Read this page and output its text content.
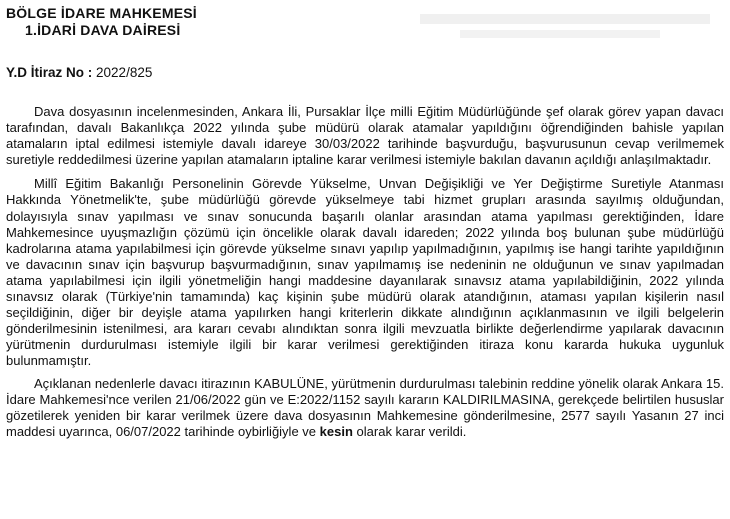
BÖLGE İDARE MAHKEMESİ
1.İDARİ DAVA DAİRESİ
Y.D İtiraz No : 2022/825

Dava dosyasının incelenmesinden, Ankara İli, Pursaklar İlçe milli Eğitim Müdürlüğünde şef olarak görev yapan davacı tarafından, davalı Bakanlıkça 2022 yılında şube müdürü olarak atamalar yapıldığını öğrendiğinden bahisle yapılan atamaların iptal edilmesi istemiyle davalı idareye 30/03/2022 tarihinde başvurduğu, başvurusunun cevap verilmemek suretiyle reddedilmesi üzerine yapılan atamaların iptaline karar verilmesi istemiyle bakılan davanın açıldığı anlaşılmaktadır.

Millî Eğitim Bakanlığı Personelinin Görevde Yükselme, Unvan Değişikliği ve Yer Değiştirme Suretiyle Atanması Hakkında Yönetmelik'te, şube müdürlüğü görevde yükselmeye tabi hizmet grupları arasında sayılmış olduğundan, dolayısıyla sınav yapılması ve sınav sonucunda başarılı olanlar arasından atama yapılması gerektiğinden, İdare Mahkemesince uyuşmazlığın çözümü için öncelikle olarak davalı idareden; 2022 yılında boş bulunan şube müdürlüğü kadrolarına atama yapılabilmesi için görevde yükselme sınavı yapılıp yapılmadığının, yapılmış ise hangi tarihte yapıldığının ve davacının sınav için başvurup başvurmadığının, sınav yapılmamış ise nedeninin ne olduğunun ve sınav yapılmadan atama yapılabilmesi için ilgili yönetmeliğin hangi maddesine dayanılarak sınavsız atama yapılabildiğinin, 2022 yılında sınavsız olarak (Türkiye'nin tamamında) kaç kişinin şube müdürü olarak atandığının, ataması yapılan kişilerin nasıl seçildiğinin, diğer bir deyişle atama yapılırken hangi kriterlerin dikkate alındığının açıklanmasının ve ilgili belgelerin gönderilmesinin istenilmesi, ara kararı cevabı alındıktan sonra ilgili mevzuatla birlikte değerlendirme yapılarak davacının yürütmenin durdurulması istemiyle ilgili bir karar verilmesi gerektiğinden itiraza konu kararda hukuka uygunluk bulunmamıştır.

Açıklanan nedenlerle davacı itirazının KABULÜNE, yürütmenin durdurulması talebinin reddine yönelik olarak Ankara 15. İdare Mahkemesi'nce verilen 21/06/2022 gün ve E:2022/1152 sayılı kararın KALDIRILMASINA, gerekçede belirtilen hususlar gözetilerek yeniden bir karar verilmek üzere dava dosyasının Mahkemesine gönderilmesine, 2577 sayılı Yasanın 27 inci maddesi uyarınca, 06/07/2022 tarihinde oybirliğiyle ve kesin olarak karar verildi.
